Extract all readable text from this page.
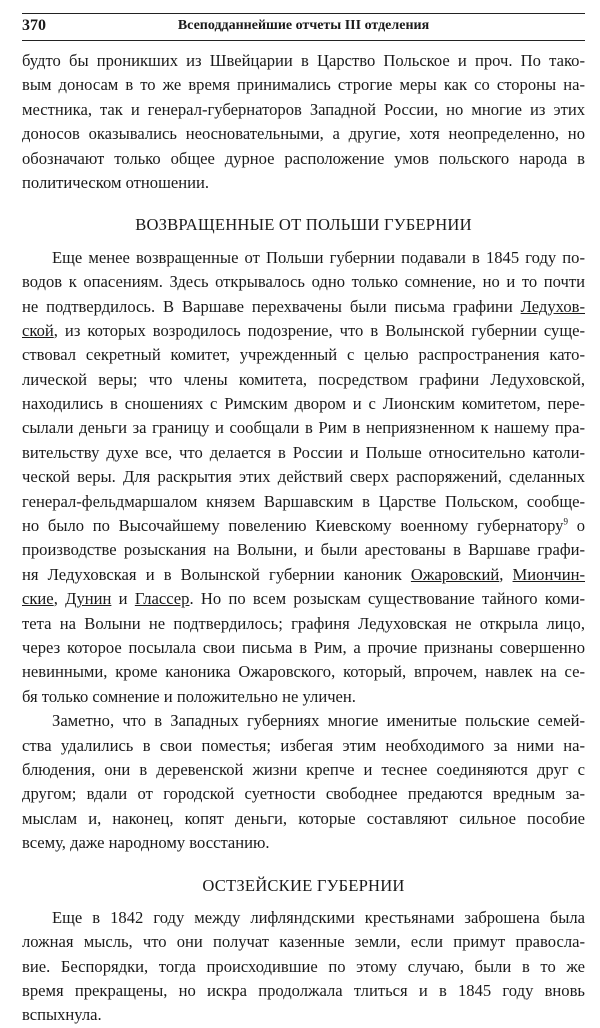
370	Всеподданнейшие отчеты III отделения
будто бы проникших из Швейцарии в Царство Польское и проч. По тако-
вым доносам в то же время принимались строгие меры как со стороны на-
местника, так и генерал-губернаторов Западной России, но многие из этих
доносов оказывались неосновательными, а другие, хотя неопределенно, но
обозначают только общее дурное расположение умов польского народа в
политическом отношении.
ВОЗВРАЩЕННЫЕ ОТ ПОЛЬШИ ГУБЕРНИИ
Еще менее возвращенные от Польши губернии подавали в 1845 году по-
водов к опасениям. Здесь открывалось одно только сомнение, но и то почти
не подтвердилось. В Варшаве перехвачены были письма графини Ледухов-
ской, из которых возродилось подозрение, что в Волынской губернии суще-
ствовал секретный комитет, учрежденный с целью распространения като-
лической веры; что члены комитета, посредством графини Ледуховской,
находились в сношениях с Римским двором и с Лионским комитетом, пере-
сылали деньги за границу и сообщали в Рим в неприязненном к нашему пра-
вительству духе все, что делается в России и Польше относительно католи-
ческой веры. Для раскрытия этих действий сверх распоряжений, сделанных
генерал-фельдмаршалом князем Варшавским в Царстве Польском, сообще-
но было по Высочайшему повелению Киевскому военному губернатору$^9$ о
производстве розыскания на Волыни, и были арестованы в Варшаве графи-
ня Ледуховская и в Волынской губернии каноник Ожаровский, Миончин-
ские, Дунин и Глассер. Но по всем розыскам существование тайного коми-
тета на Волыни не подтвердилось; графиня Ледуховская не открыла лицо,
через которое посылала свои письма в Рим, а прочие признаны совершенно
невинными, кроме каноника Ожаровского, который, впрочем, навлек на се-
бя только сомнение и положительно не уличен.
Заметно, что в Западных губерниях многие именитые польские семей-
ства удалились в свои поместья; избегая этим необходимого за ними на-
блюдения, они в деревенской жизни крепче и теснее соединяются друг с
другом; вдали от городской суетности свободнее предаются вредным за-
мыслам и, наконец, копят деньги, которые составляют сильное пособие
всему, даже народному восстанию.
ОСТЗЕЙСКИЕ ГУБЕРНИИ
Еще в 1842 году между лифляндскими крестьянами заброшена была
ложная мысль, что они получат казенные земли, если примут правосла-
вие. Беспорядки, тогда происходившие по этому случаю, были в то же
время прекращены, но искра продолжала тлиться и в 1845 году вновь
вспыхнула.
